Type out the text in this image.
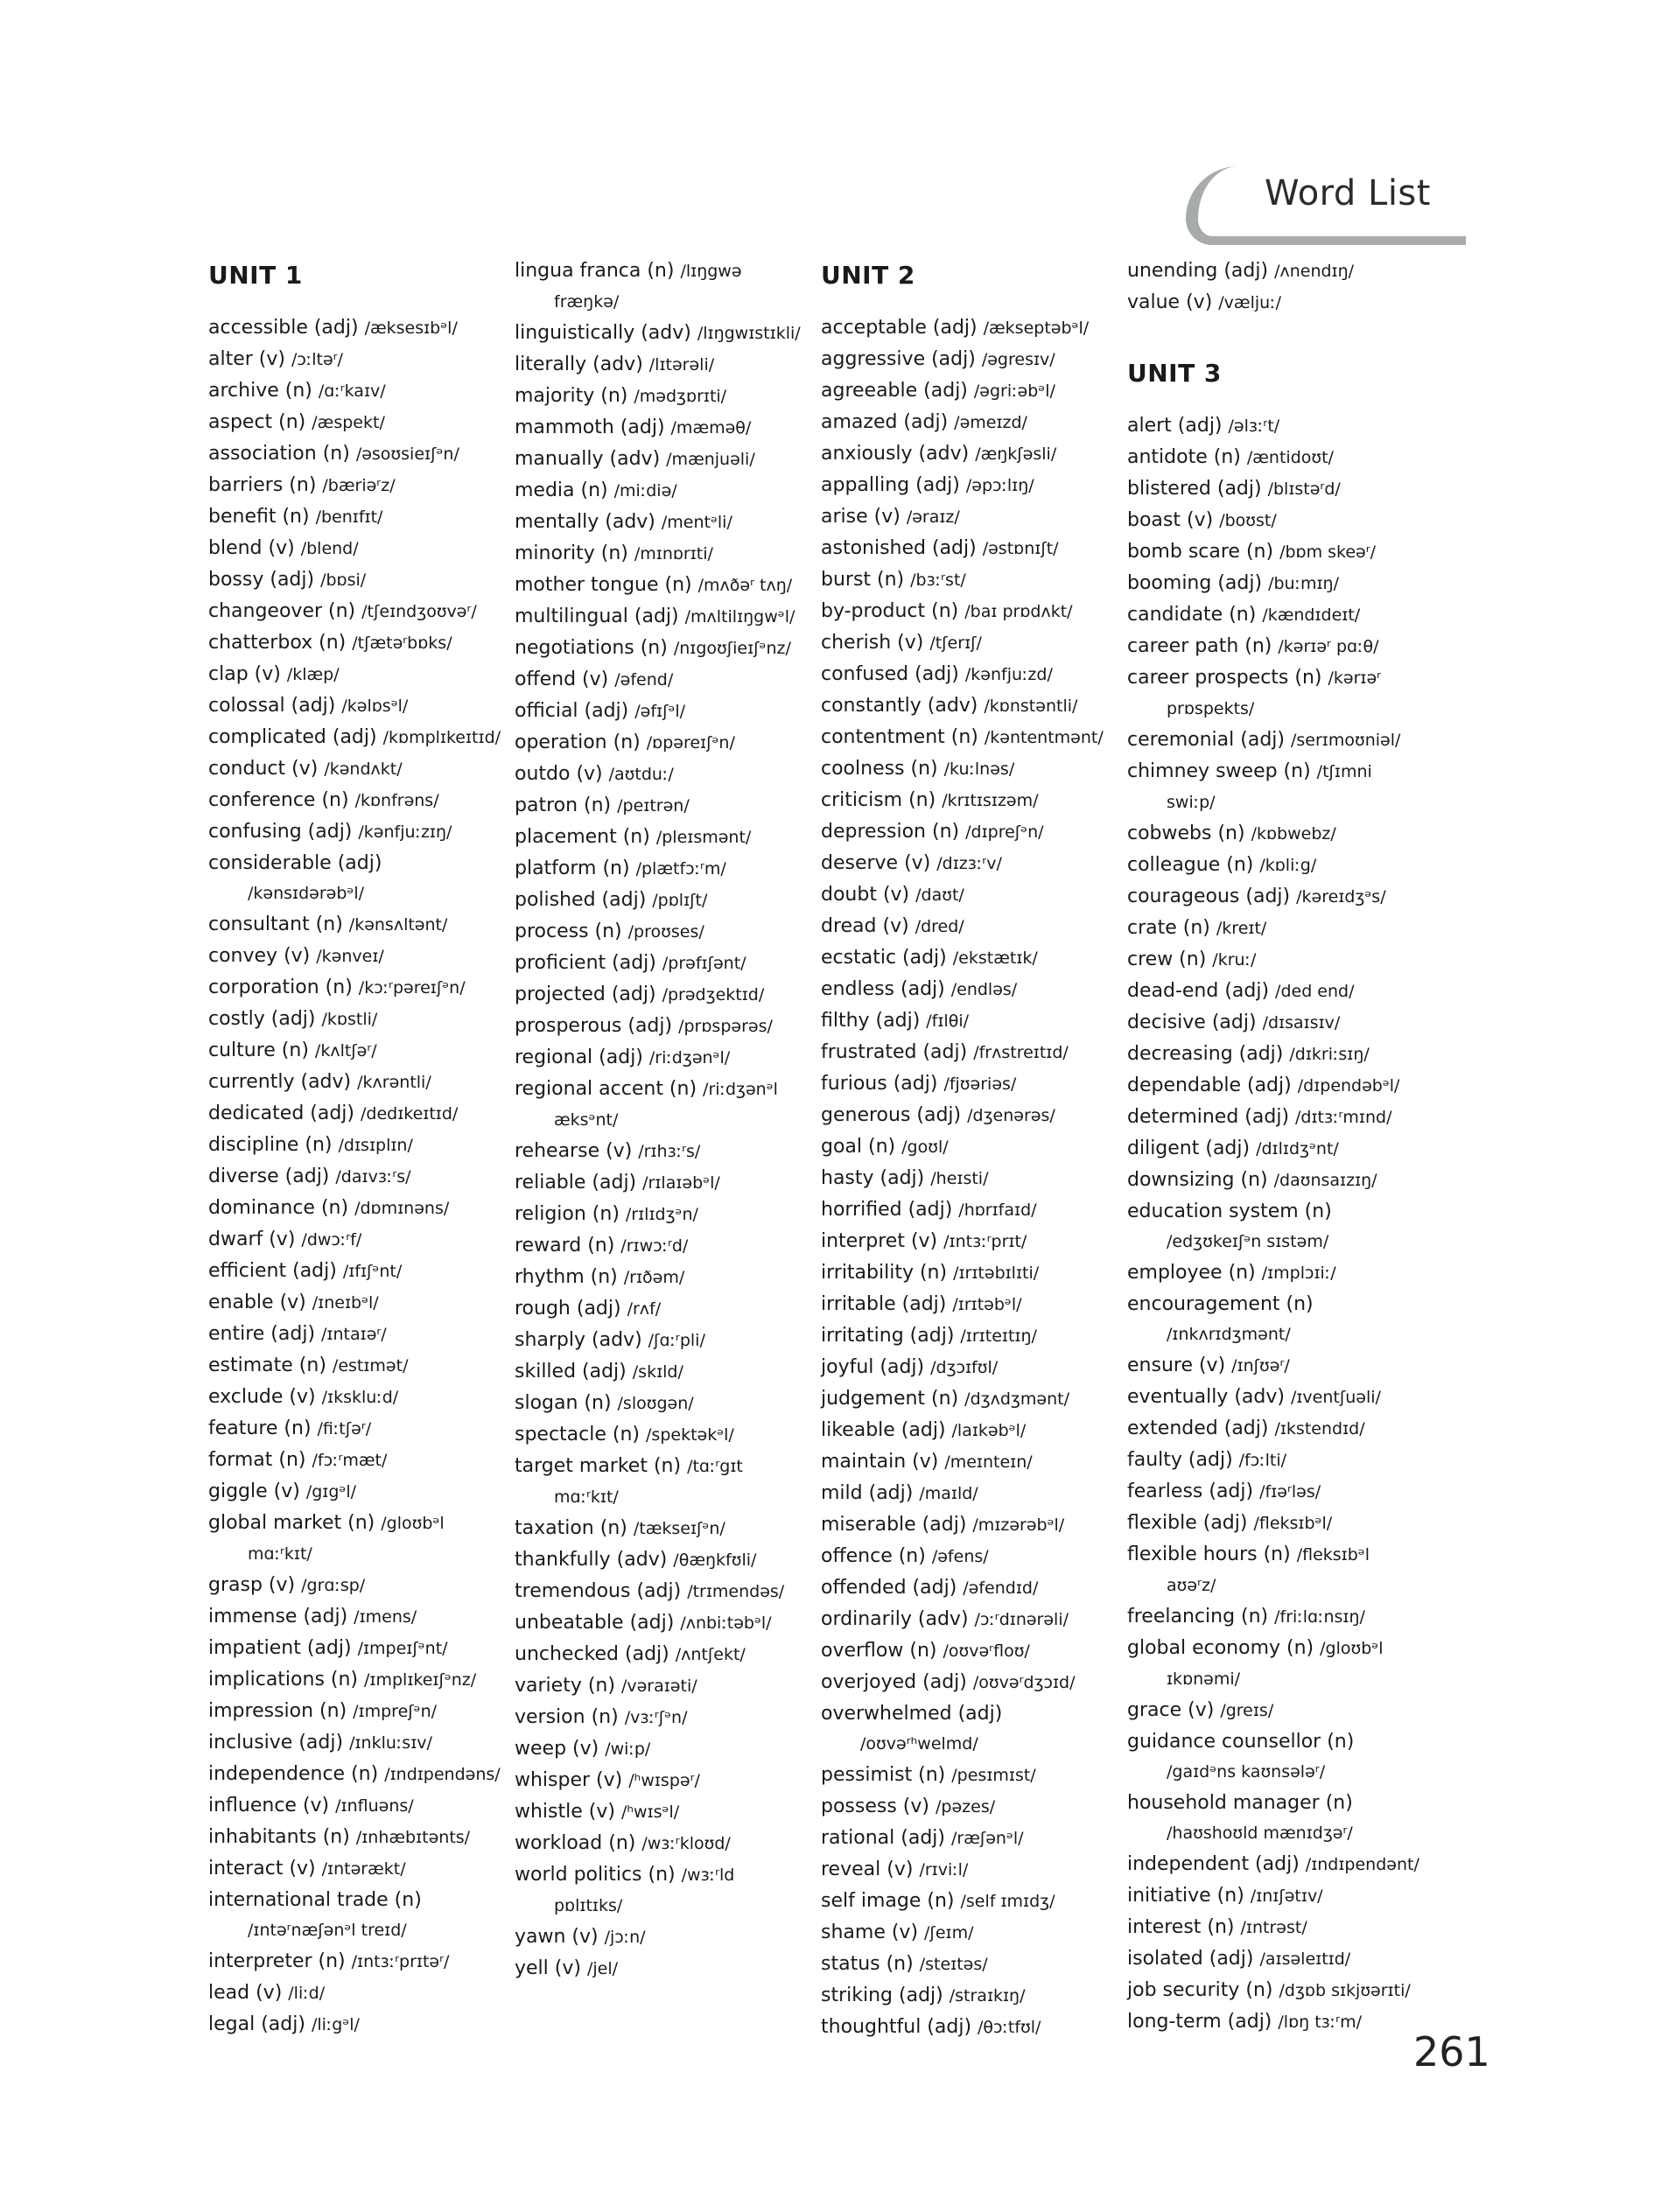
Word List
UNIT 1
accessible (adj) /æksesɪbᵊl/
alter (v) /ɔːltəʳ/
archive (n) /ɑːʳkaɪv/
aspect (n) /æspekt/
association (n) /əsoʊsieɪʃᵊn/
barriers (n) /bæriəʳz/
benefit (n) /benɪfɪt/
blend (v) /blend/
bossy (adj) /bɒsi/
changeover (n) /tʃeɪndʒoʊvəʳ/
chatterbox (n) /tʃætəʳbɒks/
clap (v) /klæp/
colossal (adj) /kəlɒsᵊl/
complicated (adj) /kɒmplɪkeɪtɪd/
conduct (v) /kəndʌkt/
conference (n) /kɒnfrəns/
confusing (adj) /kənfjuːzɪŋ/
considerable (adj)
/kənsɪdərəbᵊl/
consultant (n) /kənsʌltənt/
convey (v) /kənveɪ/
corporation (n) /kɔːʳpəreɪʃᵊn/
costly (adj) /kɒstli/
culture (n) /kʌltʃəʳ/
currently (adv) /kʌrəntli/
dedicated (adj) /dedɪkeɪtɪd/
discipline (n) /dɪsɪplɪn/
diverse (adj) /daɪvɜːʳs/
dominance (n) /dɒmɪnəns/
dwarf (v) /dwɔːʳf/
efficient (adj) /ɪfɪʃᵊnt/
enable (v) /ɪneɪbᵊl/
entire (adj) /ɪntaɪəʳ/
estimate (n) /estɪmət/
exclude (v) /ɪkskluːd/
feature (n) /fiːtʃəʳ/
format (n) /fɔːʳmæt/
giggle (v) /gɪgᵊl/
global market (n) /gloʊbᵊl
mɑːʳkɪt/
grasp (v) /grɑːsp/
immense (adj) /ɪmens/
impatient (adj) /ɪmpeɪʃᵊnt/
implications (n) /ɪmplɪkeɪʃᵊnz/
impression (n) /ɪmpreʃᵊn/
inclusive (adj) /ɪnkluːsɪv/
independence (n) /ɪndɪpendəns/
influence (v) /ɪnfluəns/
inhabitants (n) /ɪnhæbɪtənts/
interact (v) /ɪntərækt/
international trade (n)
/ɪntəʳnæʃənᵊl treɪd/
interpreter (n) /ɪntɜːʳprɪtəʳ/
lead (v) /liːd/
legal (adj) /liːgᵊl/
lingua franca (n) /lɪŋgwə
fræŋkə/
linguistically (adv) /lɪŋgwɪstɪkli/
literally (adv) /lɪtərəli/
majority (n) /mədʒɒrɪti/
mammoth (adj) /mæməθ/
manually (adv) /mænjuəli/
media (n) /miːdiə/
mentally (adv) /mentᵊli/
minority (n) /mɪnɒrɪti/
mother tongue (n) /mʌðəʳ tʌŋ/
multilingual (adj) /mʌltilɪŋgwᵊl/
negotiations (n) /nɪgoʊʃieɪʃᵊnz/
offend (v) /əfend/
official (adj) /əfɪʃᵊl/
operation (n) /ɒpəreɪʃᵊn/
outdo (v) /aʊtduː/
patron (n) /peɪtrən/
placement (n) /pleɪsmənt/
platform (n) /plætfɔːʳm/
polished (adj) /pɒlɪʃt/
process (n) /proʊses/
proficient (adj) /prəfɪʃənt/
projected (adj) /prədʒektɪd/
prosperous (adj) /prɒspərəs/
regional (adj) /riːdʒənᵊl/
regional accent (n) /riːdʒənᵊl
æksᵊnt/
rehearse (v) /rɪhɜːʳs/
reliable (adj) /rɪlaɪəbᵊl/
religion (n) /rɪlɪdʒᵊn/
reward (n) /rɪwɔːʳd/
rhythm (n) /rɪðəm/
rough (adj) /rʌf/
sharply (adv) /ʃɑːʳpli/
skilled (adj) /skɪld/
slogan (n) /sloʊgən/
spectacle (n) /spektəkᵊl/
target market (n) /tɑːʳgɪt
mɑːʳkɪt/
taxation (n) /tækseɪʃᵊn/
thankfully (adv) /θæŋkfʊli/
tremendous (adj) /trɪmendəs/
unbeatable (adj) /ʌnbiːtəbᵊl/
unchecked (adj) /ʌntʃekt/
variety (n) /vəraɪəti/
version (n) /vɜːʳʃᵊn/
weep (v) /wiːp/
whisper (v) /ʰwɪspəʳ/
whistle (v) /ʰwɪsᵊl/
workload (n) /wɜːʳkloʊd/
world politics (n) /wɜːʳld
pɒlɪtɪks/
yawn (v) /jɔːn/
yell (v) /jel/
UNIT 2
acceptable (adj) /ækseptəbᵊl/
aggressive (adj) /əgresɪv/
agreeable (adj) /əgriːəbᵊl/
amazed (adj) /əmeɪzd/
anxiously (adv) /æŋkʃəsli/
appalling (adj) /əpɔːlɪŋ/
arise (v) /əraɪz/
astonished (adj) /əstɒnɪʃt/
burst (n) /bɜːʳst/
by-product (n) /baɪ prɒdʌkt/
cherish (v) /tʃerɪʃ/
confused (adj) /kənfjuːzd/
constantly (adv) /kɒnstəntli/
contentment (n) /kəntentmənt/
coolness (n) /kuːlnəs/
criticism (n) /krɪtɪsɪzəm/
depression (n) /dɪpreʃᵊn/
deserve (v) /dɪzɜːʳv/
doubt (v) /daʊt/
dread (v) /dred/
ecstatic (adj) /ekstætɪk/
endless (adj) /endləs/
filthy (adj) /fɪlθi/
frustrated (adj) /frʌstreɪtɪd/
furious (adj) /fjʊəriəs/
generous (adj) /dʒenərəs/
goal (n) /goʊl/
hasty (adj) /heɪsti/
horrified (adj) /hɒrɪfaɪd/
interpret (v) /ɪntɜːʳprɪt/
irritability (n) /ɪrɪtəbɪlɪti/
irritable (adj) /ɪrɪtəbᵊl/
irritating (adj) /ɪrɪteɪtɪŋ/
joyful (adj) /dʒɔɪfʊl/
judgement (n) /dʒʌdʒmənt/
likeable (adj) /laɪkəbᵊl/
maintain (v) /meɪnteɪn/
mild (adj) /maɪld/
miserable (adj) /mɪzərəbᵊl/
offence (n) /əfens/
offended (adj) /əfendɪd/
ordinarily (adv) /ɔːʳdɪnərəli/
overflow (n) /oʊvəʳfloʊ/
overjoyed (adj) /oʊvəʳdʒɔɪd/
overwhelmed (adj)
/oʊvəʳʰwelmd/
pessimist (n) /pesɪmɪst/
possess (v) /pəzes/
rational (adj) /ræʃənᵊl/
reveal (v) /rɪviːl/
self image (n) /self ɪmɪdʒ/
shame (v) /ʃeɪm/
status (n) /steɪtəs/
striking (adj) /straɪkɪŋ/
thoughtful (adj) /θɔːtfʊl/
unending (adj) /ʌnendɪŋ/
value (v) /væljuː/
UNIT 3
alert (adj) /əlɜːʳt/
antidote (n) /æntidoʊt/
blistered (adj) /blɪstəʳd/
boast (v) /boʊst/
bomb scare (n) /bɒm skeəʳ/
booming (adj) /buːmɪŋ/
candidate (n) /kændɪdeɪt/
career path (n) /kərɪəʳ pɑːθ/
career prospects (n) /kərɪəʳ
prɒspekts/
ceremonial (adj) /serɪmoʊniəl/
chimney sweep (n) /tʃɪmni
swiːp/
cobwebs (n) /kɒbwebz/
colleague (n) /kɒliːg/
courageous (adj) /kəreɪdʒᵊs/
crate (n) /kreɪt/
crew (n) /kruː/
dead-end (adj) /ded end/
decisive (adj) /dɪsaɪsɪv/
decreasing (adj) /dɪkriːsɪŋ/
dependable (adj) /dɪpendəbᵊl/
determined (adj) /dɪtɜːʳmɪnd/
diligent (adj) /dɪlɪdʒᵊnt/
downsizing (n) /daʊnsaɪzɪŋ/
education system (n)
/edʒʊkeɪʃᵊn sɪstəm/
employee (n) /ɪmplɔɪiː/
encouragement (n)
/ɪnkʌrɪdʒmənt/
ensure (v) /ɪnʃʊəʳ/
eventually (adv) /ɪventʃuəli/
extended (adj) /ɪkstendɪd/
faulty (adj) /fɔːlti/
fearless (adj) /fɪəʳləs/
flexible (adj) /fleksɪbᵊl/
flexible hours (n) /fleksɪbᵊl
aʊəʳz/
freelancing (n) /friːlɑːnsɪŋ/
global economy (n) /gloʊbᵊl
ɪkɒnəmi/
grace (v) /greɪs/
guidance counsellor (n)
/gaɪdᵊns kaʊnsələʳ/
household manager (n)
/haʊshoʊld mænɪdʒəʳ/
independent (adj) /ɪndɪpendənt/
initiative (n) /ɪnɪʃətɪv/
interest (n) /ɪntrəst/
isolated (adj) /aɪsəleɪtɪd/
job security (n) /dʒɒb sɪkjʊərɪti/
long-term (adj) /lɒŋ tɜːʳm/
261
